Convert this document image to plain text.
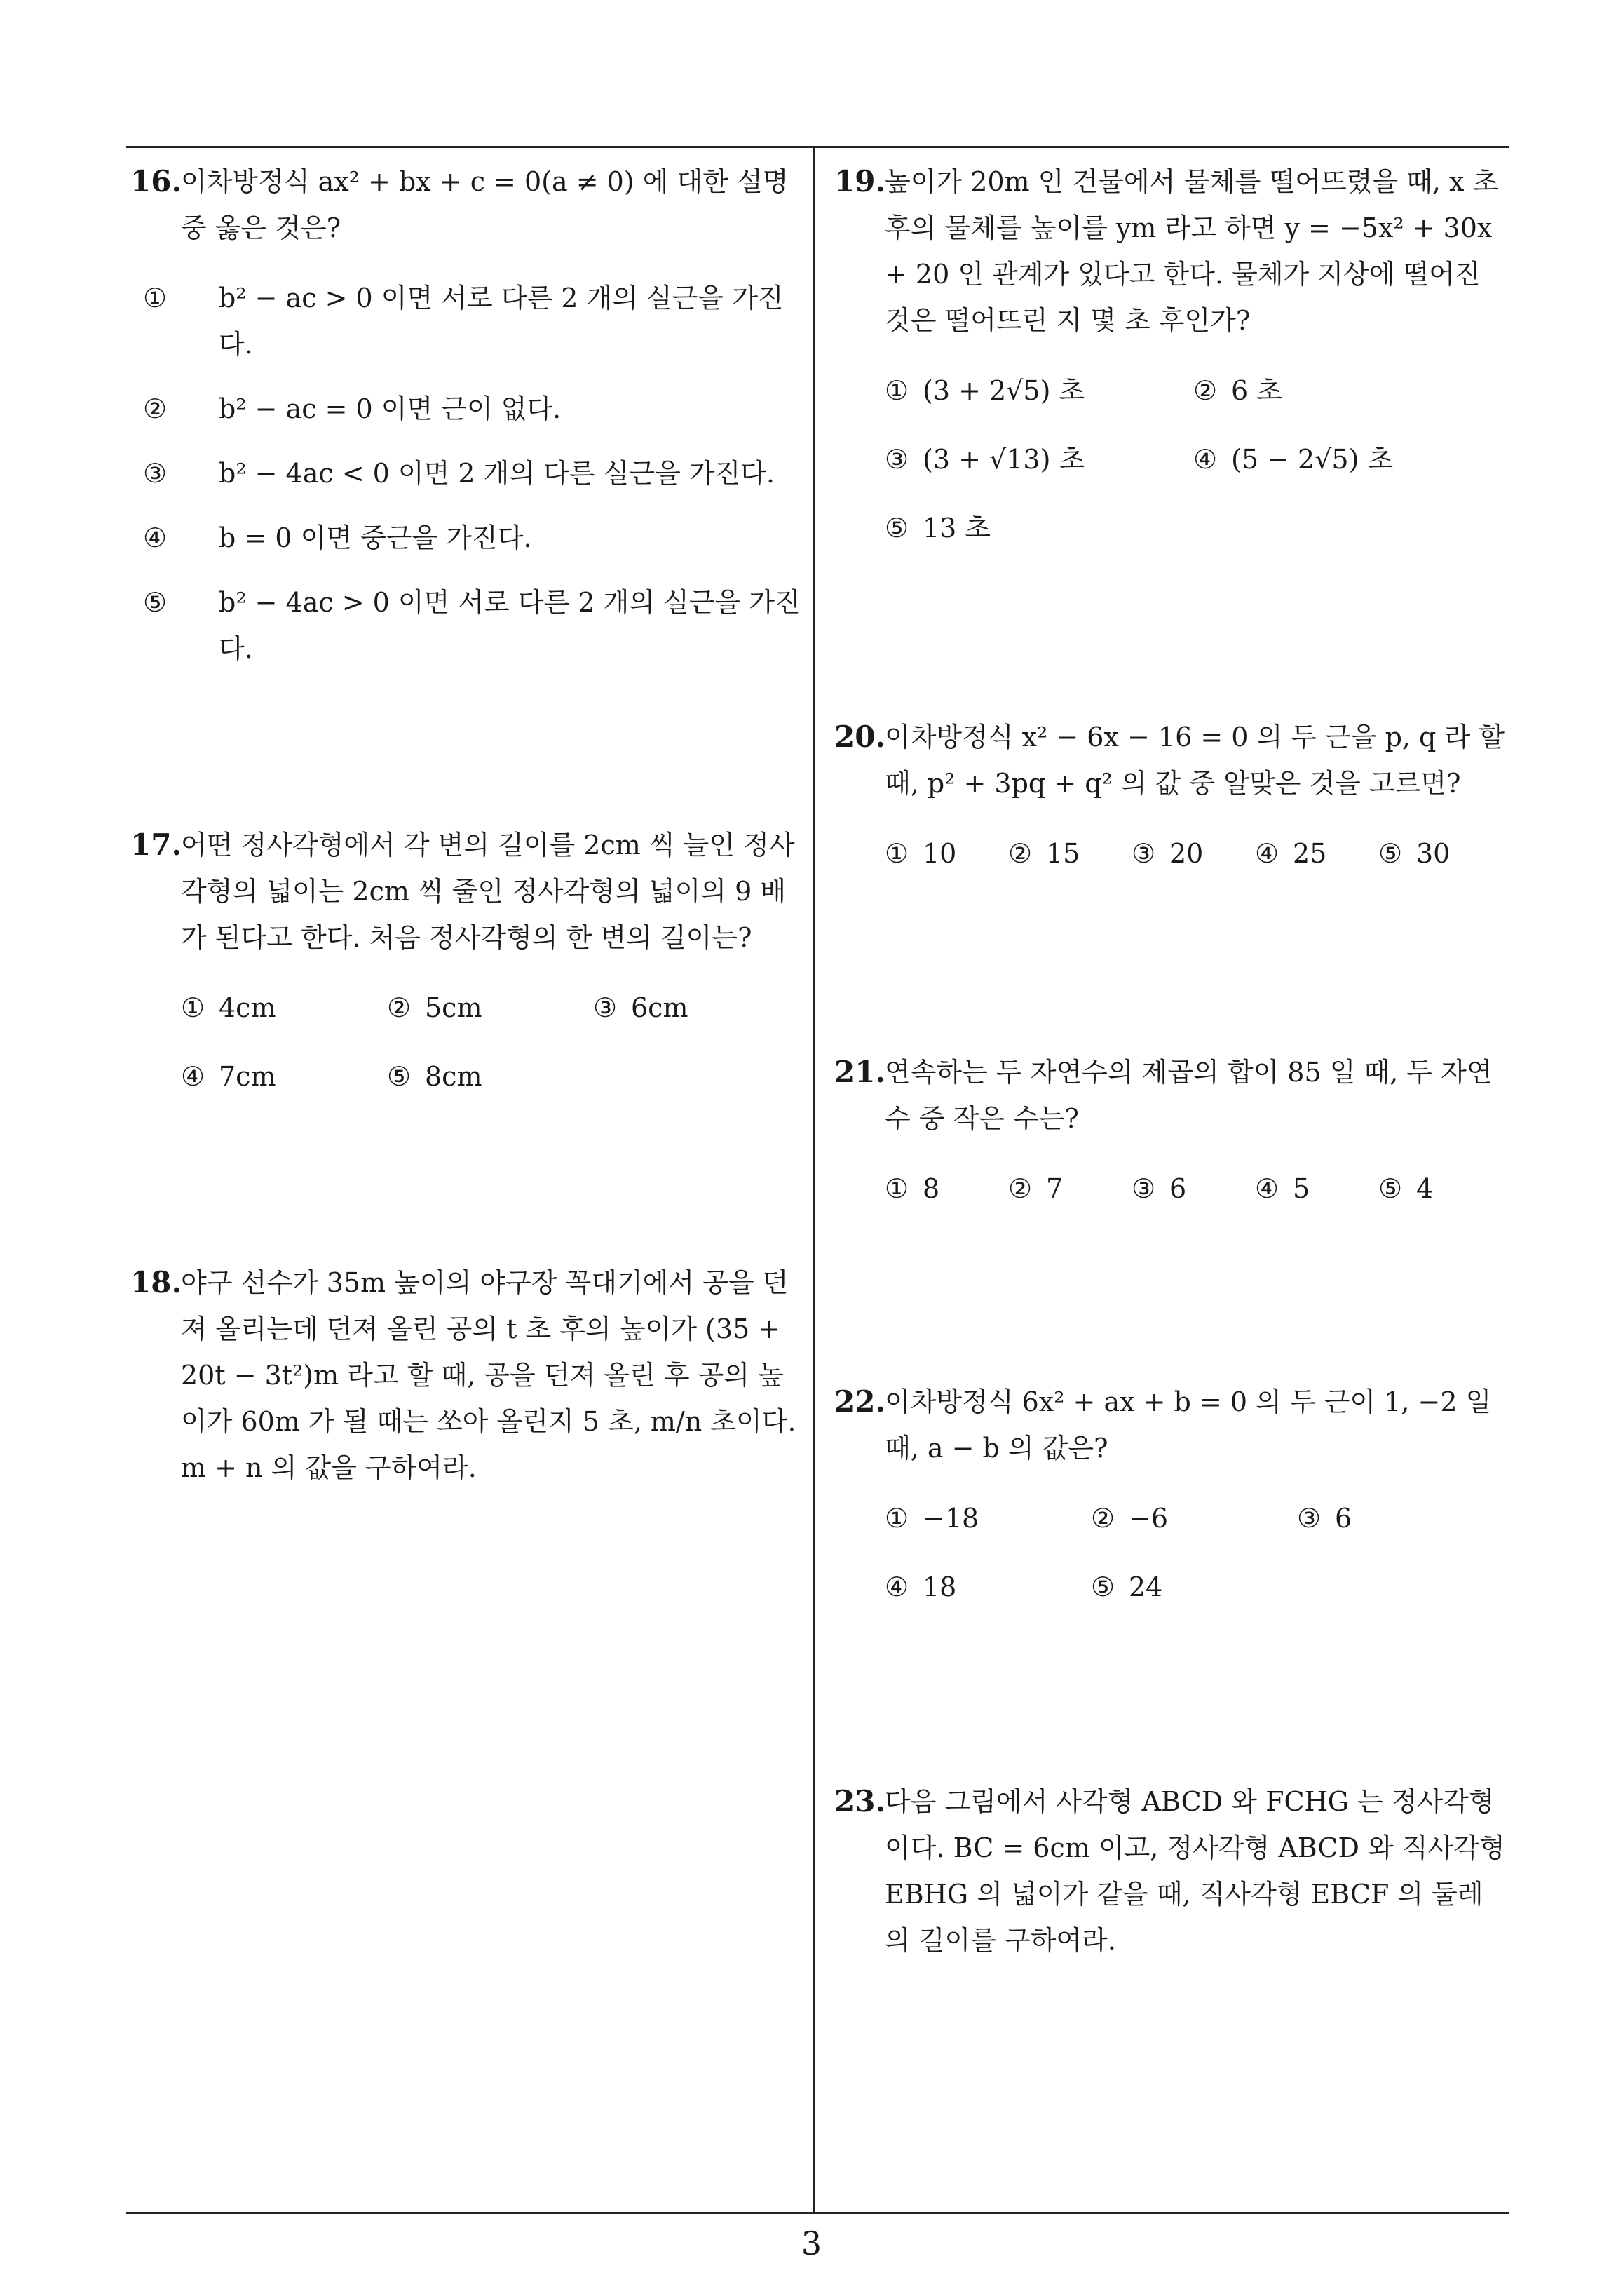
16.
이차방정식 ax² + bx + c = 0(a ≠ 0) 에 대한 설명 중 옳은 것은?
① b² − ac > 0 이면 서로 다른 2 개의 실근을 가진다.
② b² − ac = 0 이면 근이 없다.
③ b² − 4ac < 0 이면 2 개의 다른 실근을 가진다.
④ b = 0 이면 중근을 가진다.
⑤ b² − 4ac > 0 이면 서로 다른 2 개의 실근을 가진다.
17.
어떤 정사각형에서 각 변의 길이를 2cm 씩 늘인 정사각형의 넓이는 2cm 씩 줄인 정사각형의 넓이의 9 배가 된다고 한다. 처음 정사각형의 한 변의 길이는?
① 4cm	② 5cm	③ 6cm ④ 7cm	⑤ 8cm
18.
야구 선수가 35m 높이의 야구장 꼭대기에서 공을 던져 올리는데 던져 올린 공의 t 초 후의 높이가 (35 + 20t − 3t²)m 라고 할 때, 공을 던져 올린 후 공의 높이가 60m 가 될 때는 쏘아 올린지 5 초, m/n 초이다. m + n 의 값을 구하여라.
19.
높이가 20m 인 건물에서 물체를 떨어뜨렸을 때, x 초 후의 물체를 높이를 ym 라고 하면 y = −5x² + 30x + 20 인 관계가 있다고 한다. 물체가 지상에 떨어진 것은 떨어뜨린 지 몇 초 후인가?
① (3 + 2√5) 초	② 6 초 ③ (3 + √13) 초	④ (5 − 2√5) 초 ⑤ 13 초
20.
이차방정식 x² − 6x − 16 = 0 의 두 근을 p, q 라 할 때, p² + 3pq + q² 의 값 중 알맞은 것을 고르면?
① 10 ② 15 ③ 20 ④ 25 ⑤ 30
21.
연속하는 두 자연수의 제곱의 합이 85 일 때, 두 자연수 중 작은 수는?
① 8	② 7	③ 6	④ 5	⑤ 4
22.
이차방정식 6x² + ax + b = 0 의 두 근이 1, −2 일 때, a − b 의 값은?
① −18	② −6	③ 6 ④ 18	⑤ 24
23.
다음 그림에서 사각형 ABCD 와 FCHG 는 정사각형이다. BC = 6cm 이고, 정사각형 ABCD 와 직사각형 EBHG 의 넓이가 같을 때, 직사각형 EBCF 의 둘레의 길이를 구하여라.
3
